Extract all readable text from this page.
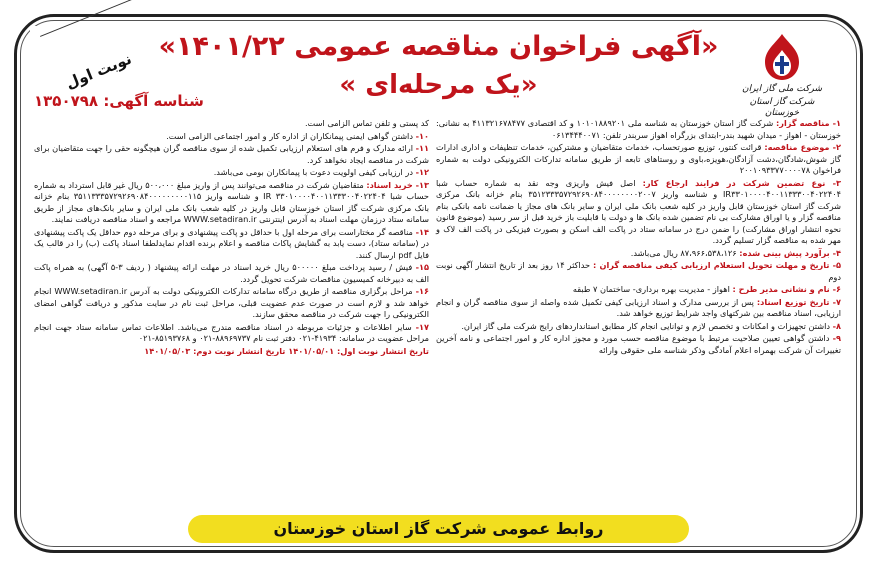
شرکت ملی گاز ایران
شرکت گاز استان خوزستان
«آگهی فراخوان مناقصه عمومی ۱۴۰۱/۲۲»
«یک مرحله‌ای »
نوبت اول
شناسه آگهی: ۱۳۵۰۷۹۸

۱- مناقصه گزار: شرکت گاز استان خوزستان به شناسه ملی ۱۰۱۰۱۸۸۹۲۰۱ و کد اقتصادی ۴۱۱۳۲۱۶۷۸۴۷۷ به نشانی: خوزستان - اهواز - میدان شهید بندر-ابتدای بزرگراه اهواز سربندر تلفن: ۰۶۱۳۴۴۴۰۰۷۱

۲- موضوع مناقصه: قرائت کنتور، توزیع صورتحساب، خدمات متقاضیان و مشترکین، خدمات تنظیفات و اداری ادارات گاز شوش،شادگان،دشت آزادگان،هویزه،باوی و روستاهای تابعه از طریق سامانه تدارکات الکترونیکی دولت به شماره فراخوان ۲۰۰۱۰۹۳۳۷۷۰۰۰۰۷۸

۳- نوع تضمین شرکت در فرایند ارجاع کار: اصل فیش واریزی وجه نقد به شماره حساب شبا IR۳۳۰۱۰۰۰۰۴۰۰۱۱۳۳۳۰۰۴۰۲۲۴۰۴ و شناسه واریز ۳۵۱۲۳۳۳۵۷۲۹۲۶۹۰۸۴۰۰۰۰۰۰۰۰۲۰۰۷ بنام خزانه بانک مرکزی شرکت گاز استان خوزستان قابل واریز در کلیه شعب بانک ملی ایران و سایر بانک های مجاز یا ضمانت نامه بانکی بنام مناقصه گزار و یا اوراق مشارکت بی نام تضمین شده بانک ها و دولت با قابلیت باز خرید قبل از سر رسید (موضوع قانون نحوه انتشار اوراق مشارکت) را ضمن درج در سامانه ستاد در پاکت الف اسکن و بصورت فیزیکی در پاکت الف لاک و مهر شده به مناقصه گزار تسلیم گردد.

۴- برآورد پیش بینی شده: ۸۷،۹۶۶،۵۳۸،۱۲۶ ریال می‌باشد.

۵- تاریخ و مهلت تحویل استعلام ارزیابی کیفی مناقصه گران : حداکثر ۱۴ روز بعد از تاریخ انتشار آگهی نوبت دوم

۶- نام و نشانی مدیر طرح : اهواز - مدیریت بهره برداری- ساختمان ۷ طبقه

۷- تاریخ توزیع اسناد: پس از بررسی مدارک و اسناد ارزیابی کیفی تکمیل شده واصله از سوی مناقصه گران و انجام ارزیابی، اسناد مناقصه بین شرکتهای واجد شرایط توزیع خواهد شد.

۸- داشتن تجهیزات و امکانات و تخصص لازم و توانایی انجام کار مطابق استانداردهای رایج شرکت ملی گاز ایران.

۹- داشتن گواهی تعیین صلاحیت مرتبط با موضوع مناقصه حسب مورد و مجوز اداره کار و امور اجتماعی و نامه آخرین تغییرات آن شرکت بهمراه اعلام آمادگی وذکر شناسه ملی حقوقی وارائه

کد پستی و تلفن تماس الزامی است.

۱۰- داشتن گواهی ایمنی پیمانکاران از اداره کار و امور اجتماعی الزامی است.

۱۱- ارائه مدارک و فرم های استعلام ارزیابی تکمیل شده از سوی مناقصه گران هیچگونه حقی را جهت متقاضیان برای شرکت در مناقصه ایجاد نخواهد کرد.

۱۲- در ارزیابی کیفی اولویت دعوت با پیمانکاران بومی می‌باشد.

۱۳- خرید اسناد: متقاضیان شرکت در مناقصه می‌توانند پس از واریز مبلغ ۵۰۰،۰۰۰ ریال غیر قابل استرداد به شماره حساب شبا IR ۳۳۰۱۰۰۰۰۴۰۰۱۱۳۳۳۰۰۴۰۲۲۴۰۴ و شناسه واریز ۳۵۱۱۳۳۳۵۷۲۹۲۶۹۰۸۴۰۰۰۰۰۰۰۰۰۱۱۵ بنام خزانه بانک مرکزی شرکت گاز استان خوزستان قابل واریز در کلیه شعب بانک ملی ایران و سایر بانک‌های مجاز از طریق سامانه ستاد درزمان مهلت اسناد به آدرس اینترنتی WWW.setadiran.ir مراجعه و اسناد مناقصه دریافت نمایند.

۱۴- مناقصه گر مختاراست برای مرحله اول با حداقل دو پاکت پیشنهادی و برای مرحله دوم حداقل یک پاکت پیشنهادی در (سامانه ستاد)، دست یابد به گشایش پاکات مناقصه و اعلام برنده اقدام نمایدلطفا اسناد پاکت (ب) را در قالب یک فایل pdf ارسال کنند.

۱۵- فیش / رسید پرداخت مبلغ ۵۰۰۰۰۰ ریال خرید اسناد در مهلت ارائه پیشنهاد ( ردیف ۳-۵ آگهی) به همراه پاکت الف به دبیرخانه کمیسیون مناقصات شرکت تحویل گردد.

۱۶- مراحل برگزاری مناقصه از طریق درگاه سامانه تدارکات الکترونیکی دولت به آدرس WWW.setadiran.ir انجام خواهد شد و لازم است در صورت عدم عضویت قبلی، مراحل ثبت نام در سایت مذکور و دریافت گواهی امضای الکترونیکی را جهت شرکت در مناقصه محقق سازند.

۱۷- سایر اطلاعات و جزئیات مربوطه در اسناد مناقصه مندرج می‌باشد. اطلاعات تماس سامانه ستاد جهت انجام مراحل عضویت در سامانه: ۴۱۹۳۴-۰۲۱ دفتر ثبت نام ۸۸۹۶۹۷۳۷-۰۲۱ و ۸۵۱۹۳۷۶۸-۰۲۱

تاریخ انتشار نوبت اول: ۱۴۰۱/۰۵/۰۱ تاریخ انتشار نوبت دوم: ۱۴۰۱/۰۵/۰۳

روابط عمومی شرکت گاز استان خوزستان
